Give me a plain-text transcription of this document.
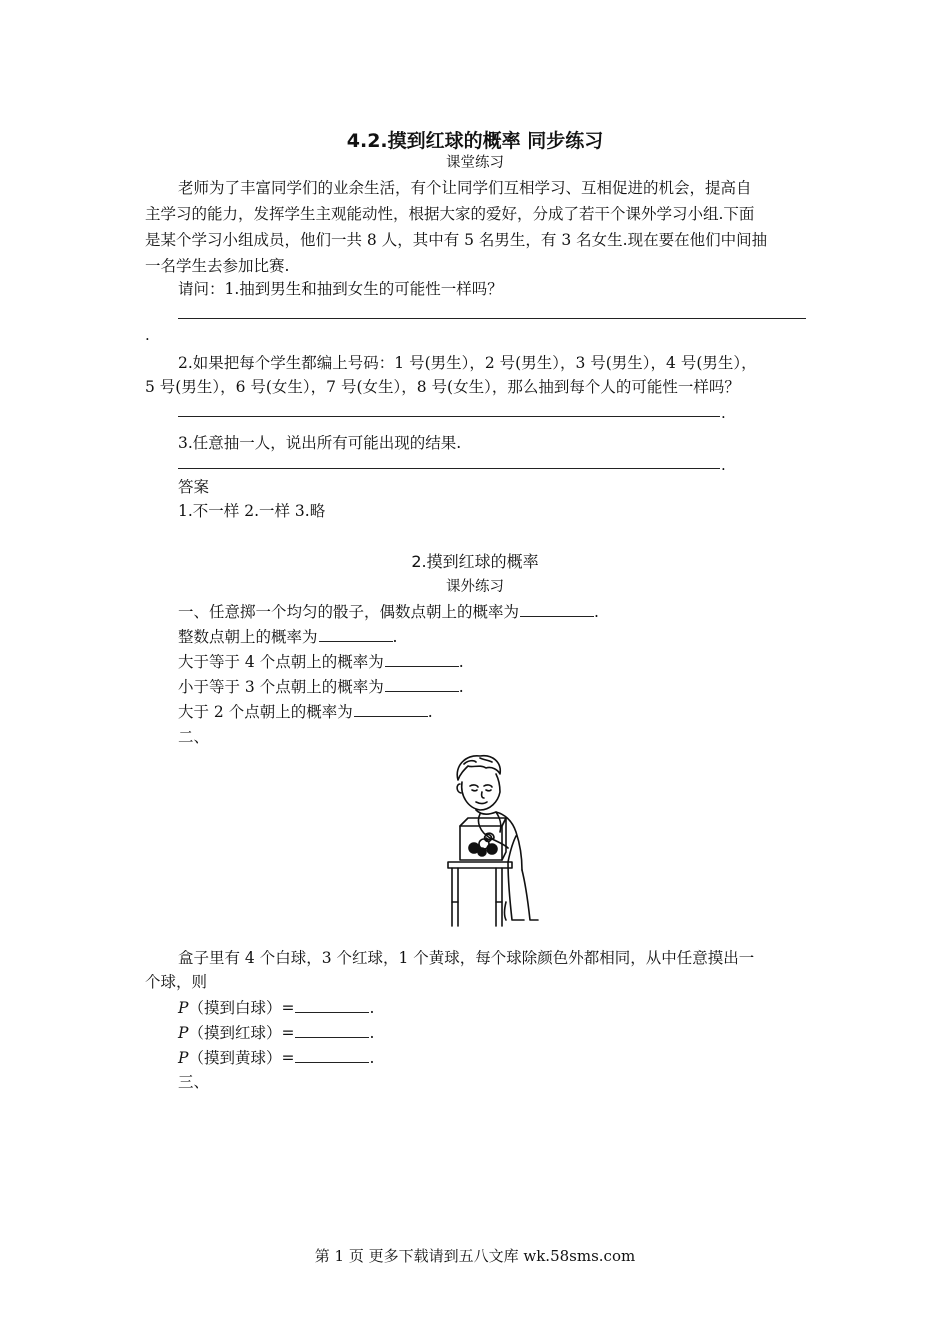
4.2.摸到红球的概率 同步练习
课堂练习
老师为了丰富同学们的业余生活，有个让同学们互相学习、互相促进的机会，提高自
主学习的能力，发挥学生主观能动性，根据大家的爱好，分成了若干个课外学习小组.下面
是某个学习小组成员，他们一共 8 人，其中有 5 名男生，有 3 名女生.现在要在他们中间抽
一名学生去参加比赛.
请问：1.抽到男生和抽到女生的可能性一样吗？
.
2.如果把每个学生都编上号码：1 号(男生），2 号(男生），3 号(男生），4 号(男生），
5 号(男生），6 号(女生），7 号(女生），8 号(女生），那么抽到每个人的可能性一样吗？
.
3.任意抽一人，说出所有可能出现的结果.
.
答案
1.不一样 2.一样 3.略
2.摸到红球的概率
课外练习
一、任意掷一个均匀的骰子，偶数点朝上的概率为	.
整数点朝上的概率为	.
大于等于 4 个点朝上的概率为	.
小于等于 3 个点朝上的概率为	.
大于 2 个点朝上的概率为	.
二、
盒子里有 4 个白球，3 个红球，1 个黄球，每个球除颜色外都相同，从中任意摸出一
个球，则
P（摸到白球）=	.
P（摸到红球）=	.
P（摸到黄球）=	.
三、
第 1 页 更多下载请到五八文库 wk.58sms.com
